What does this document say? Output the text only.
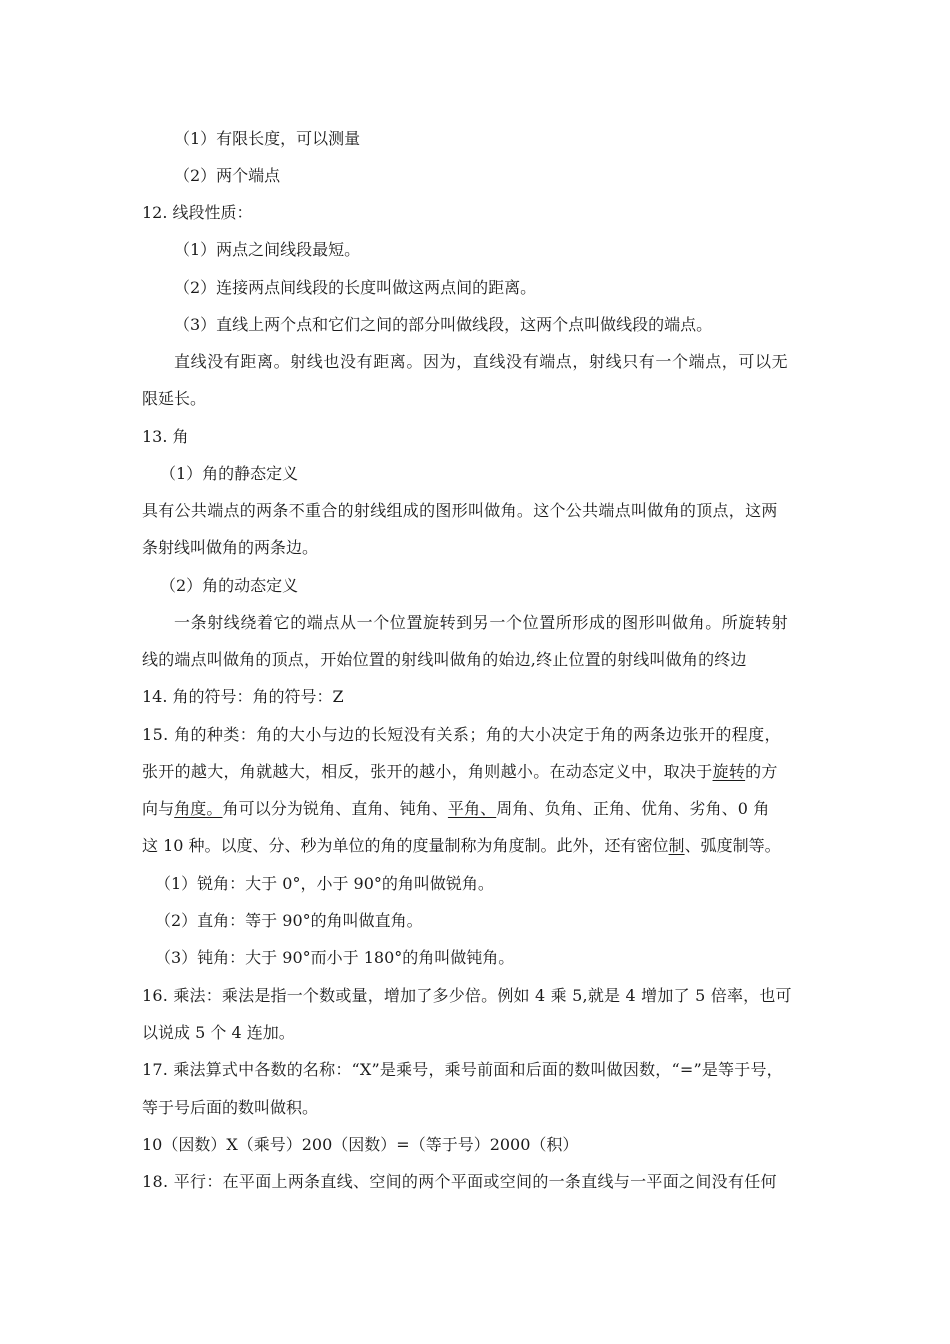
（1）有限长度，可以测量
（2）两个端点
12. 线段性质：
（1）两点之间线段最短。
（2）连接两点间线段的长度叫做这两点间的距离。
（3）直线上两个点和它们之间的部分叫做线段，这两个点叫做线段的端点。
直线没有距离。射线也没有距离。因为，直线没有端点，射线只有一个端点，可以无
限延长。
13. 角
（1）角的静态定义
具有公共端点的两条不重合的射线组成的图形叫做角。这个公共端点叫做角的顶点，这两
条射线叫做角的两条边。
（2）角的动态定义
一条射线绕着它的端点从一个位置旋转到另一个位置所形成的图形叫做角。所旋转射
线的端点叫做角的顶点，开始位置的射线叫做角的始边,终止位置的射线叫做角的终边
14. 角的符号：角的符号：Z
15. 角的种类：角的大小与边的长短没有关系；角的大小决定于角的两条边张开的程度，
张开的越大，角就越大，相反，张开的越小，角则越小。在动态定义中，取决于旋转的方
向与角度。角可以分为锐角、直角、钝角、平角、周角、负角、正角、优角、劣角、0 角
这 10 种。以度、分、秒为单位的角的度量制称为角度制。此外，还有密位制、弧度制等。
（1）锐角：大于 0°，小于 90°的角叫做锐角。
（2）直角：等于 90°的角叫做直角。
（3）钝角：大于 90°而小于 180°的角叫做钝角。
16. 乘法：乘法是指一个数或量，增加了多少倍。例如 4 乘 5,就是 4 增加了 5 倍率，也可
以说成 5 个 4 连加。
17. 乘法算式中各数的名称：“X”是乘号，乘号前面和后面的数叫做因数，“=”是等于号，
等于号后面的数叫做积。
10（因数）X（乘号）200（因数）=（等于号）2000（积）
18. 平行：在平面上两条直线、空间的两个平面或空间的一条直线与一平面之间没有任何
